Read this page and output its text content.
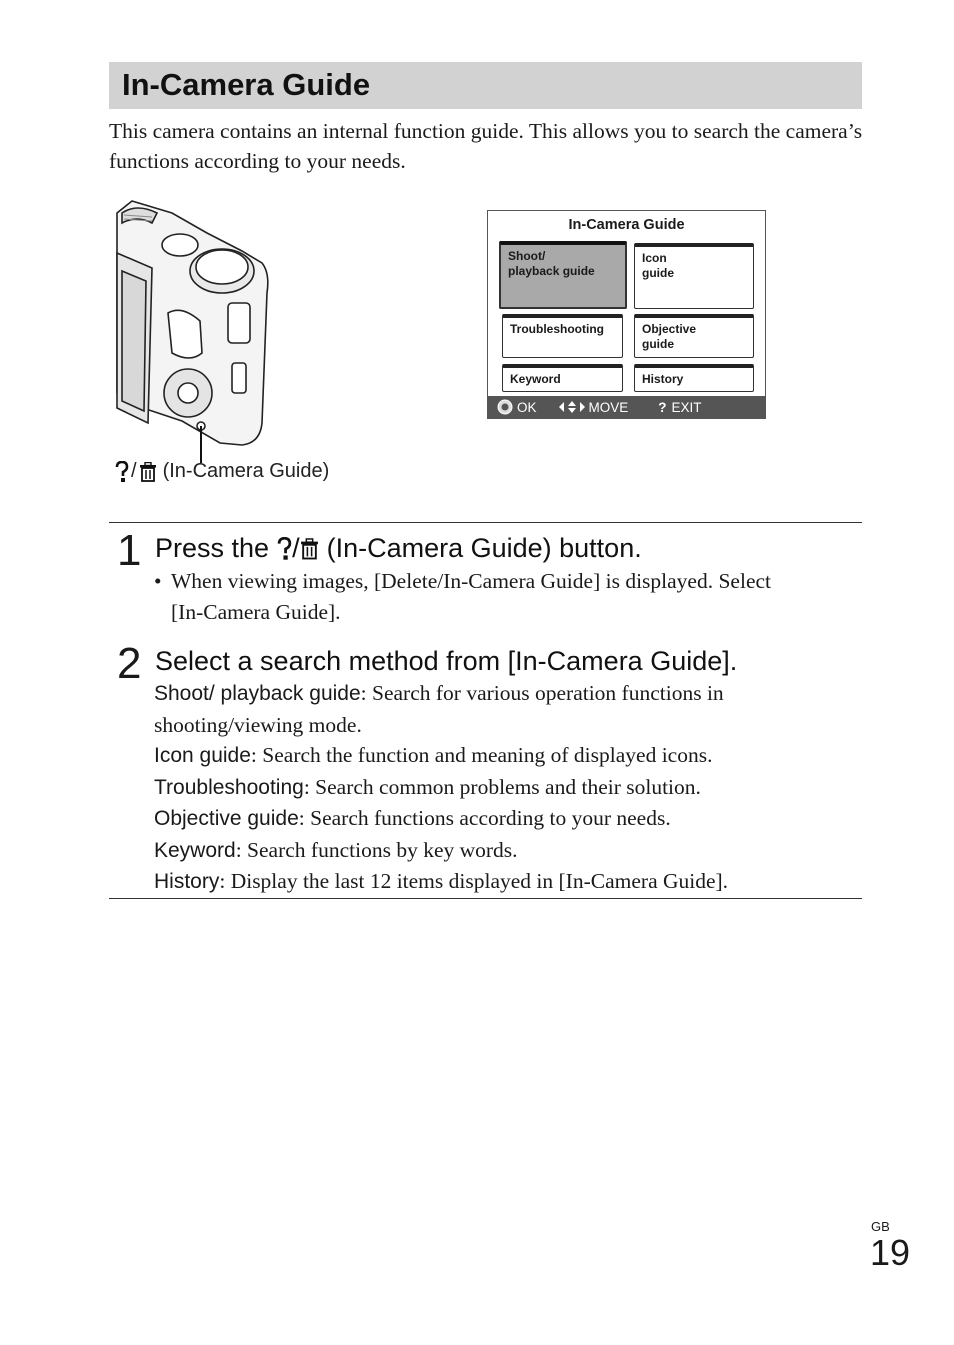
In-Camera Guide
This camera contains an internal function guide. This allows you to search the camera’s functions according to your needs.
/ (In-Camera Guide)
In-Camera Guide
Shoot/
playback guide
Icon
guide
Troubleshooting	Objective
guide
Keyword	History
OK	MOVE ? EXIT
1 Press the / (In-Camera Guide) button.
• When viewing images, [Delete/In-Camera Guide] is displayed. Select
[In-Camera Guide].
2 Select a search method from [In-Camera Guide].
Shoot/ playback guide: Search for various operation functions in shooting/viewing mode.
Icon guide: Search the function and meaning of displayed icons.
Troubleshooting: Search common problems and their solution.
Objective guide: Search functions according to your needs.
Keyword: Search functions by key words.
History: Display the last 12 items displayed in [In-Camera Guide].
GB
19
